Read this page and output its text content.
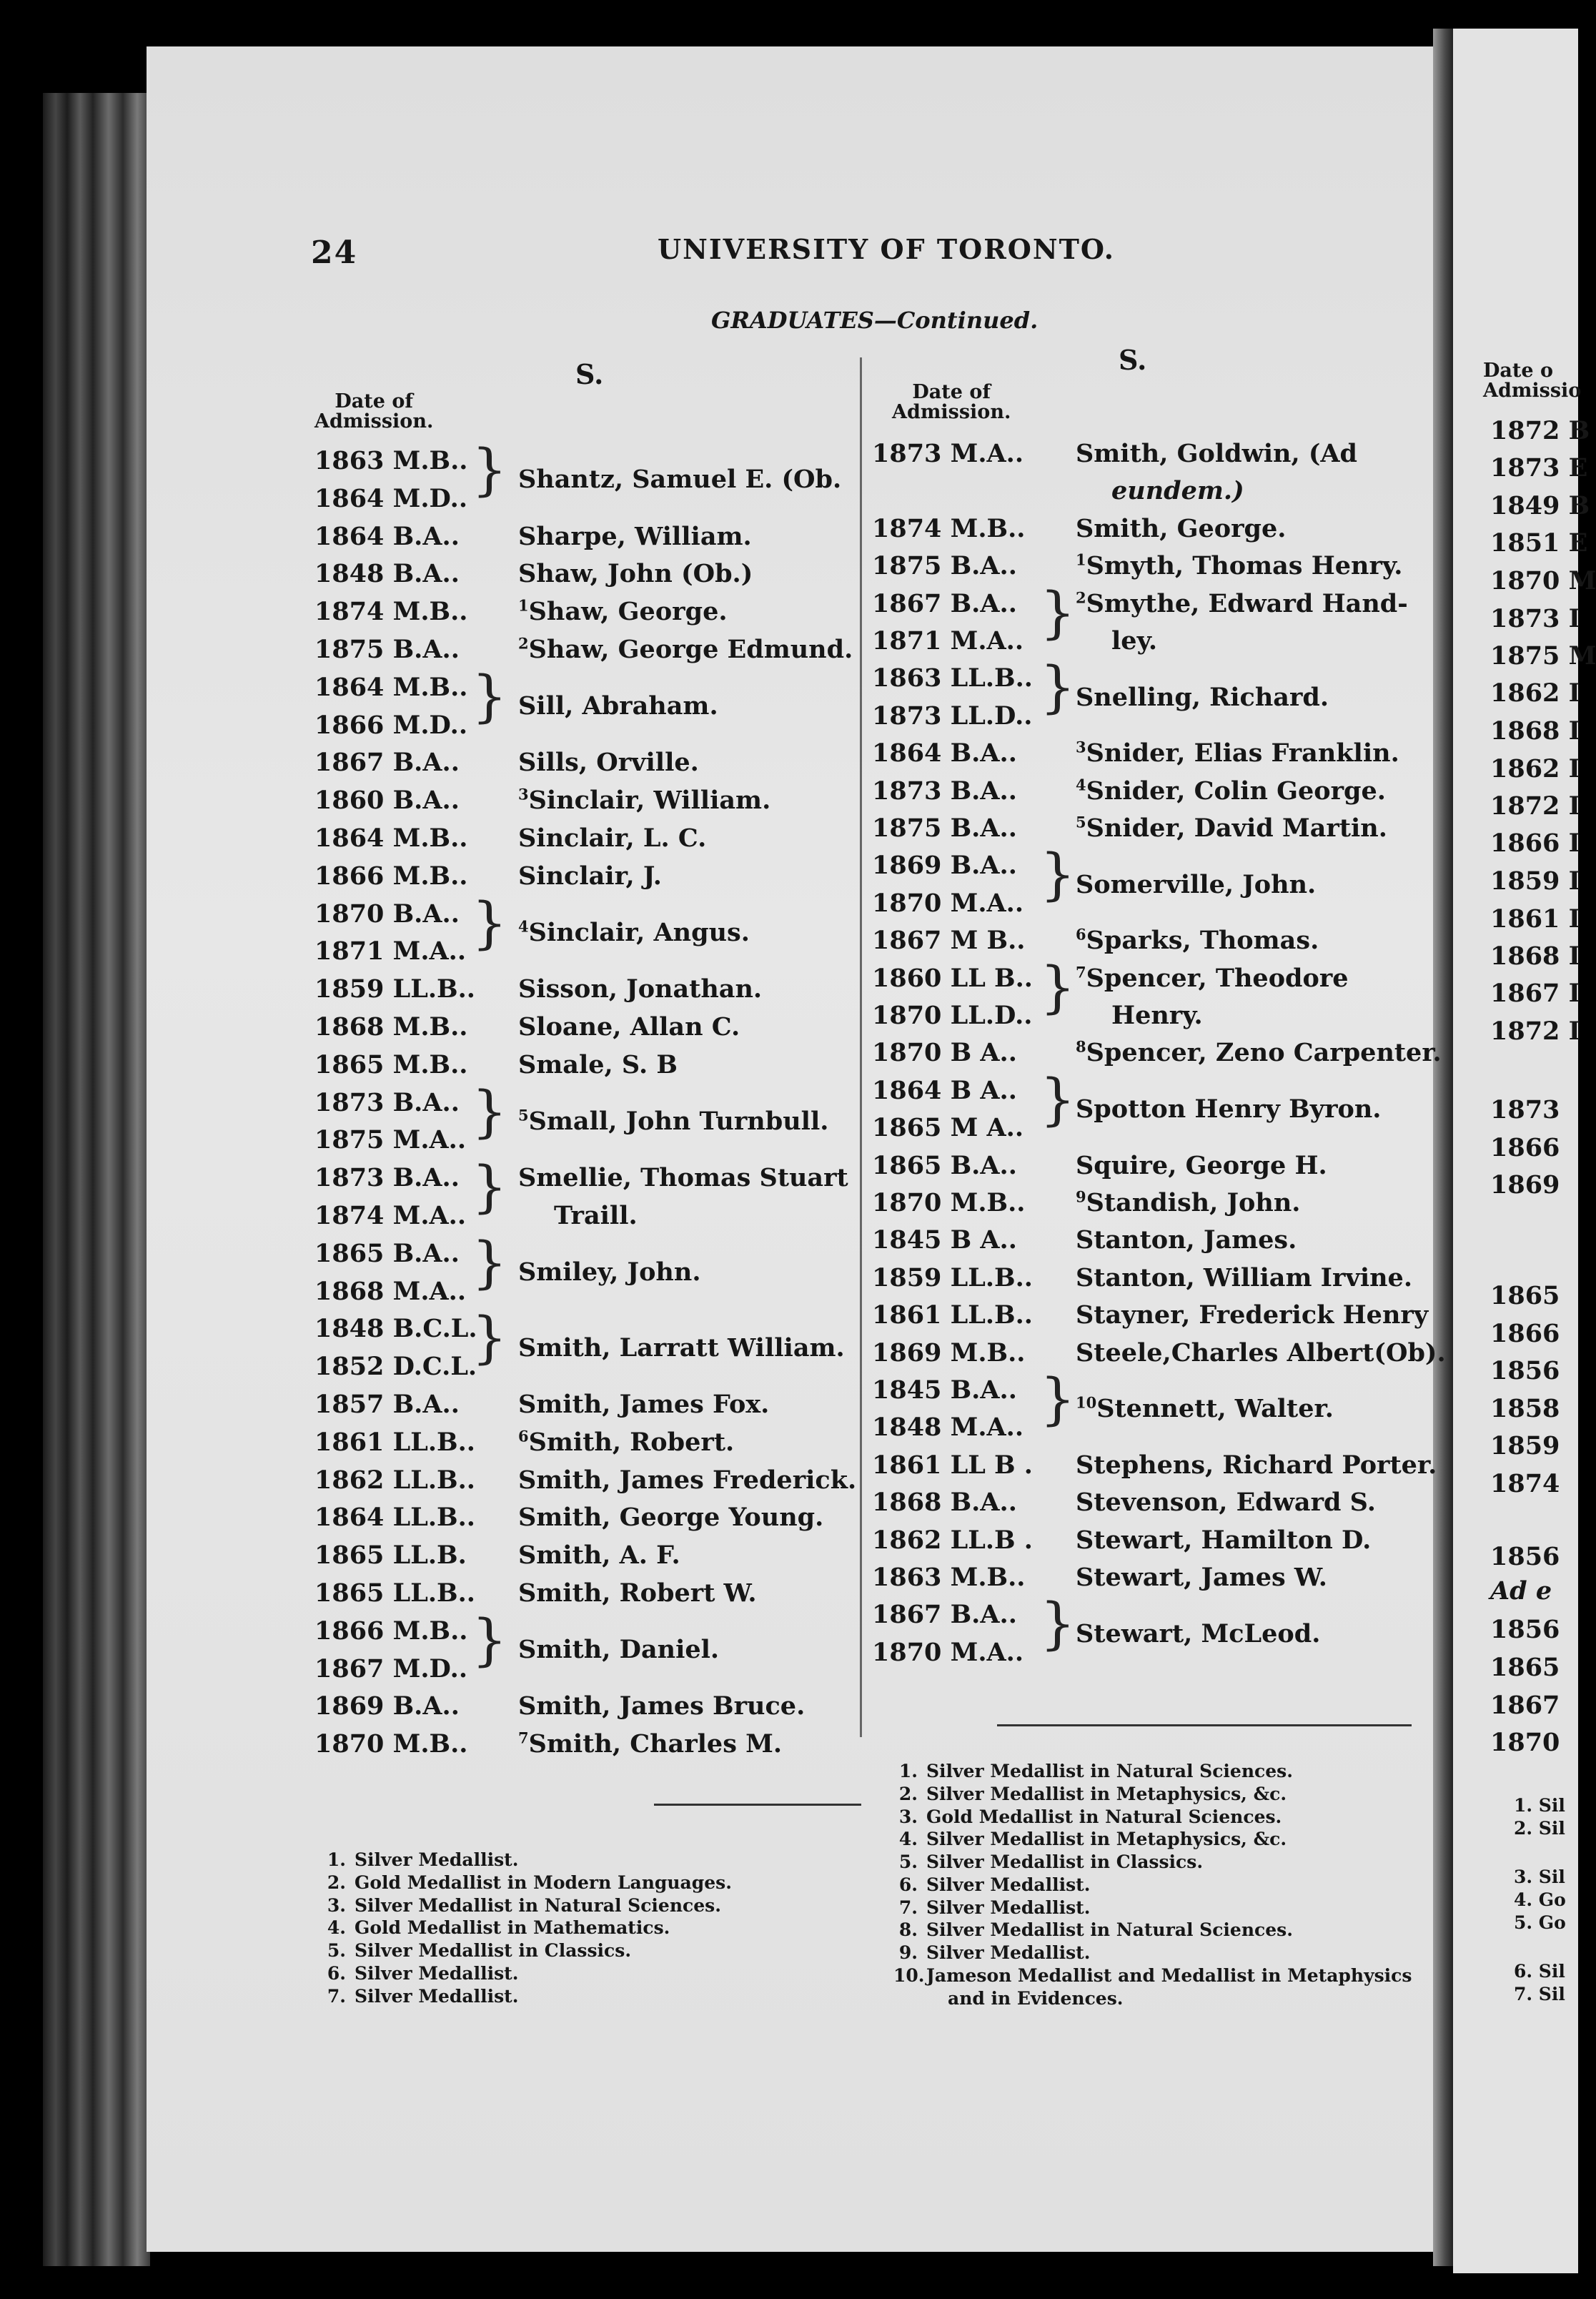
24	UNIVERSITY OF TORONTO.
GRADUATES—Continued.
S.	S.
Date of
Admission.
Date of
Admission.
1863 M.B..
1864 M.D.. } Shantz, Samuel E. (Ob.
1864 B.A.. Sharpe, William.
1848 B.A.. Shaw, John (Ob.)
1874 M.B..	$^1$Shaw, George.
1875 B.A..	$^2$Shaw, George Edmund.
1864 M.B..
1866 M.D.. } Sill, Abraham.
1867 B.A.. Sills, Orville.
1860 B.A..	$^3$Sinclair, William.
1864 M.B.. Sinclair, L. C.
1866 M.B.. Sinclair, J.
1870 B.A..
1871 M.A.. } $^4$Sinclair, Angus.
1859 LL.B.. Sisson, Jonathan.
1868 M.B.. Sloane, Allan C.
1865 M.B.. Smale, S. B
1873 B.A..
1875 M.A.. } $^5$Small, John Turnbull.
1873 B.A..
1874 M.A.. } Smellie, Thomas Stuart
Traill.
1865 B.A..
1868 M.A.. } Smiley, John.
1848 B.C.L.
1852 D.C.L.
} Smith, Larratt William.
1857 B.A.. Smith, James Fox.
1861 LL.B..	$^6$Smith, Robert.
1862 LL.B.. Smith, James Frederick.
1864 LL.B.. Smith, George Young.
1865 LL.B. Smith, A. F.
1865 LL.B.. Smith, Robert W.
1866 M.B..
1867 M.D.. } Smith, Daniel.
1869 B.A.. Smith, James Bruce.
1870 M.B..	$^7$Smith, Charles M.
1873 M.A.. Smith, Goldwin, (Ad
eundem.)
1874 M.B.. Smith, George.
1875 B.A..	$^1$Smyth, Thomas Henry.
1867 B.A..
1871 M.A.. } $^2$Smythe, Edward Hand-
ley.
1863 LL.B..
1873 LL.D.. } Snelling, Richard.
1864 B.A..	$^3$Snider, Elias Franklin.
1873 B.A..	$^4$Snider, Colin George.
1875 B.A..	$^5$Snider, David Martin.
1869 B.A..
1870 M.A.. } Somerville, John.
1867 M B..	$^6$Sparks, Thomas.
1860 LL B..
1870 LL.D.. } $^7$Spencer, Theodore
Henry.
1870 B A..	$^8$Spencer, Zeno Carpenter.
1864 B A..
1865 M A.. } Spotton Henry Byron.
1865 B.A.. Squire, George H.
1870 M.B..	$^9$Standish, John.
1845 B A.. Stanton, James.
1859 LL.B.. Stanton, William Irvine.
1861 LL.B.. Stayner, Frederick Henry
1869 M.B.. Steele,Charles Albert(Ob).
1845 B.A..
1848 M.A.. } $^{10}$Stennett, Walter.
1861 LL B . Stephens, Richard Porter.
1868 B.A.. Stevenson, Edward S.
1862 LL.B . Stewart, Hamilton D.
1863 M.B.. Stewart, James W.
1867 B.A..
1870 M.A.. } Stewart, McLeod.
1. Silver Medallist.
2. Gold Medallist in Modern Languages.
3. Silver Medallist in Natural Sciences.
4. Gold Medallist in Mathematics.
5. Silver Medallist in Classics.
6. Silver Medallist.
7. Silver Medallist.
1. Silver Medallist in Natural Sciences.
2. Silver Medallist in Metaphysics, &c.
3. Gold Medallist in Natural Sciences.
4. Silver Medallist in Metaphysics, &c.
5. Silver Medallist in Classics.
6. Silver Medallist.
7. Silver Medallist.
8. Silver Medallist in Natural Sciences.
9. Silver Medallist.
10. Jameson Medallist and Medallist in Metaphysics
and in Evidences.
Date o
Admissio
1872 B
1873 E
1849 B
1851 E
1870 M
1873 I
1875 M
1862 I
1868 I
1862 I
1872 I
1866 I
1859 I
1861 I
1868 I
1867 I
1872 I
1873
1866
1869
1865
1866
1856
1858
1859
1874
1856
Ad e
1856
1865
1867
1870
1. Sil
2. Sil
3. Sil
4. Go
5. Go
6. Sil
7. Sil
